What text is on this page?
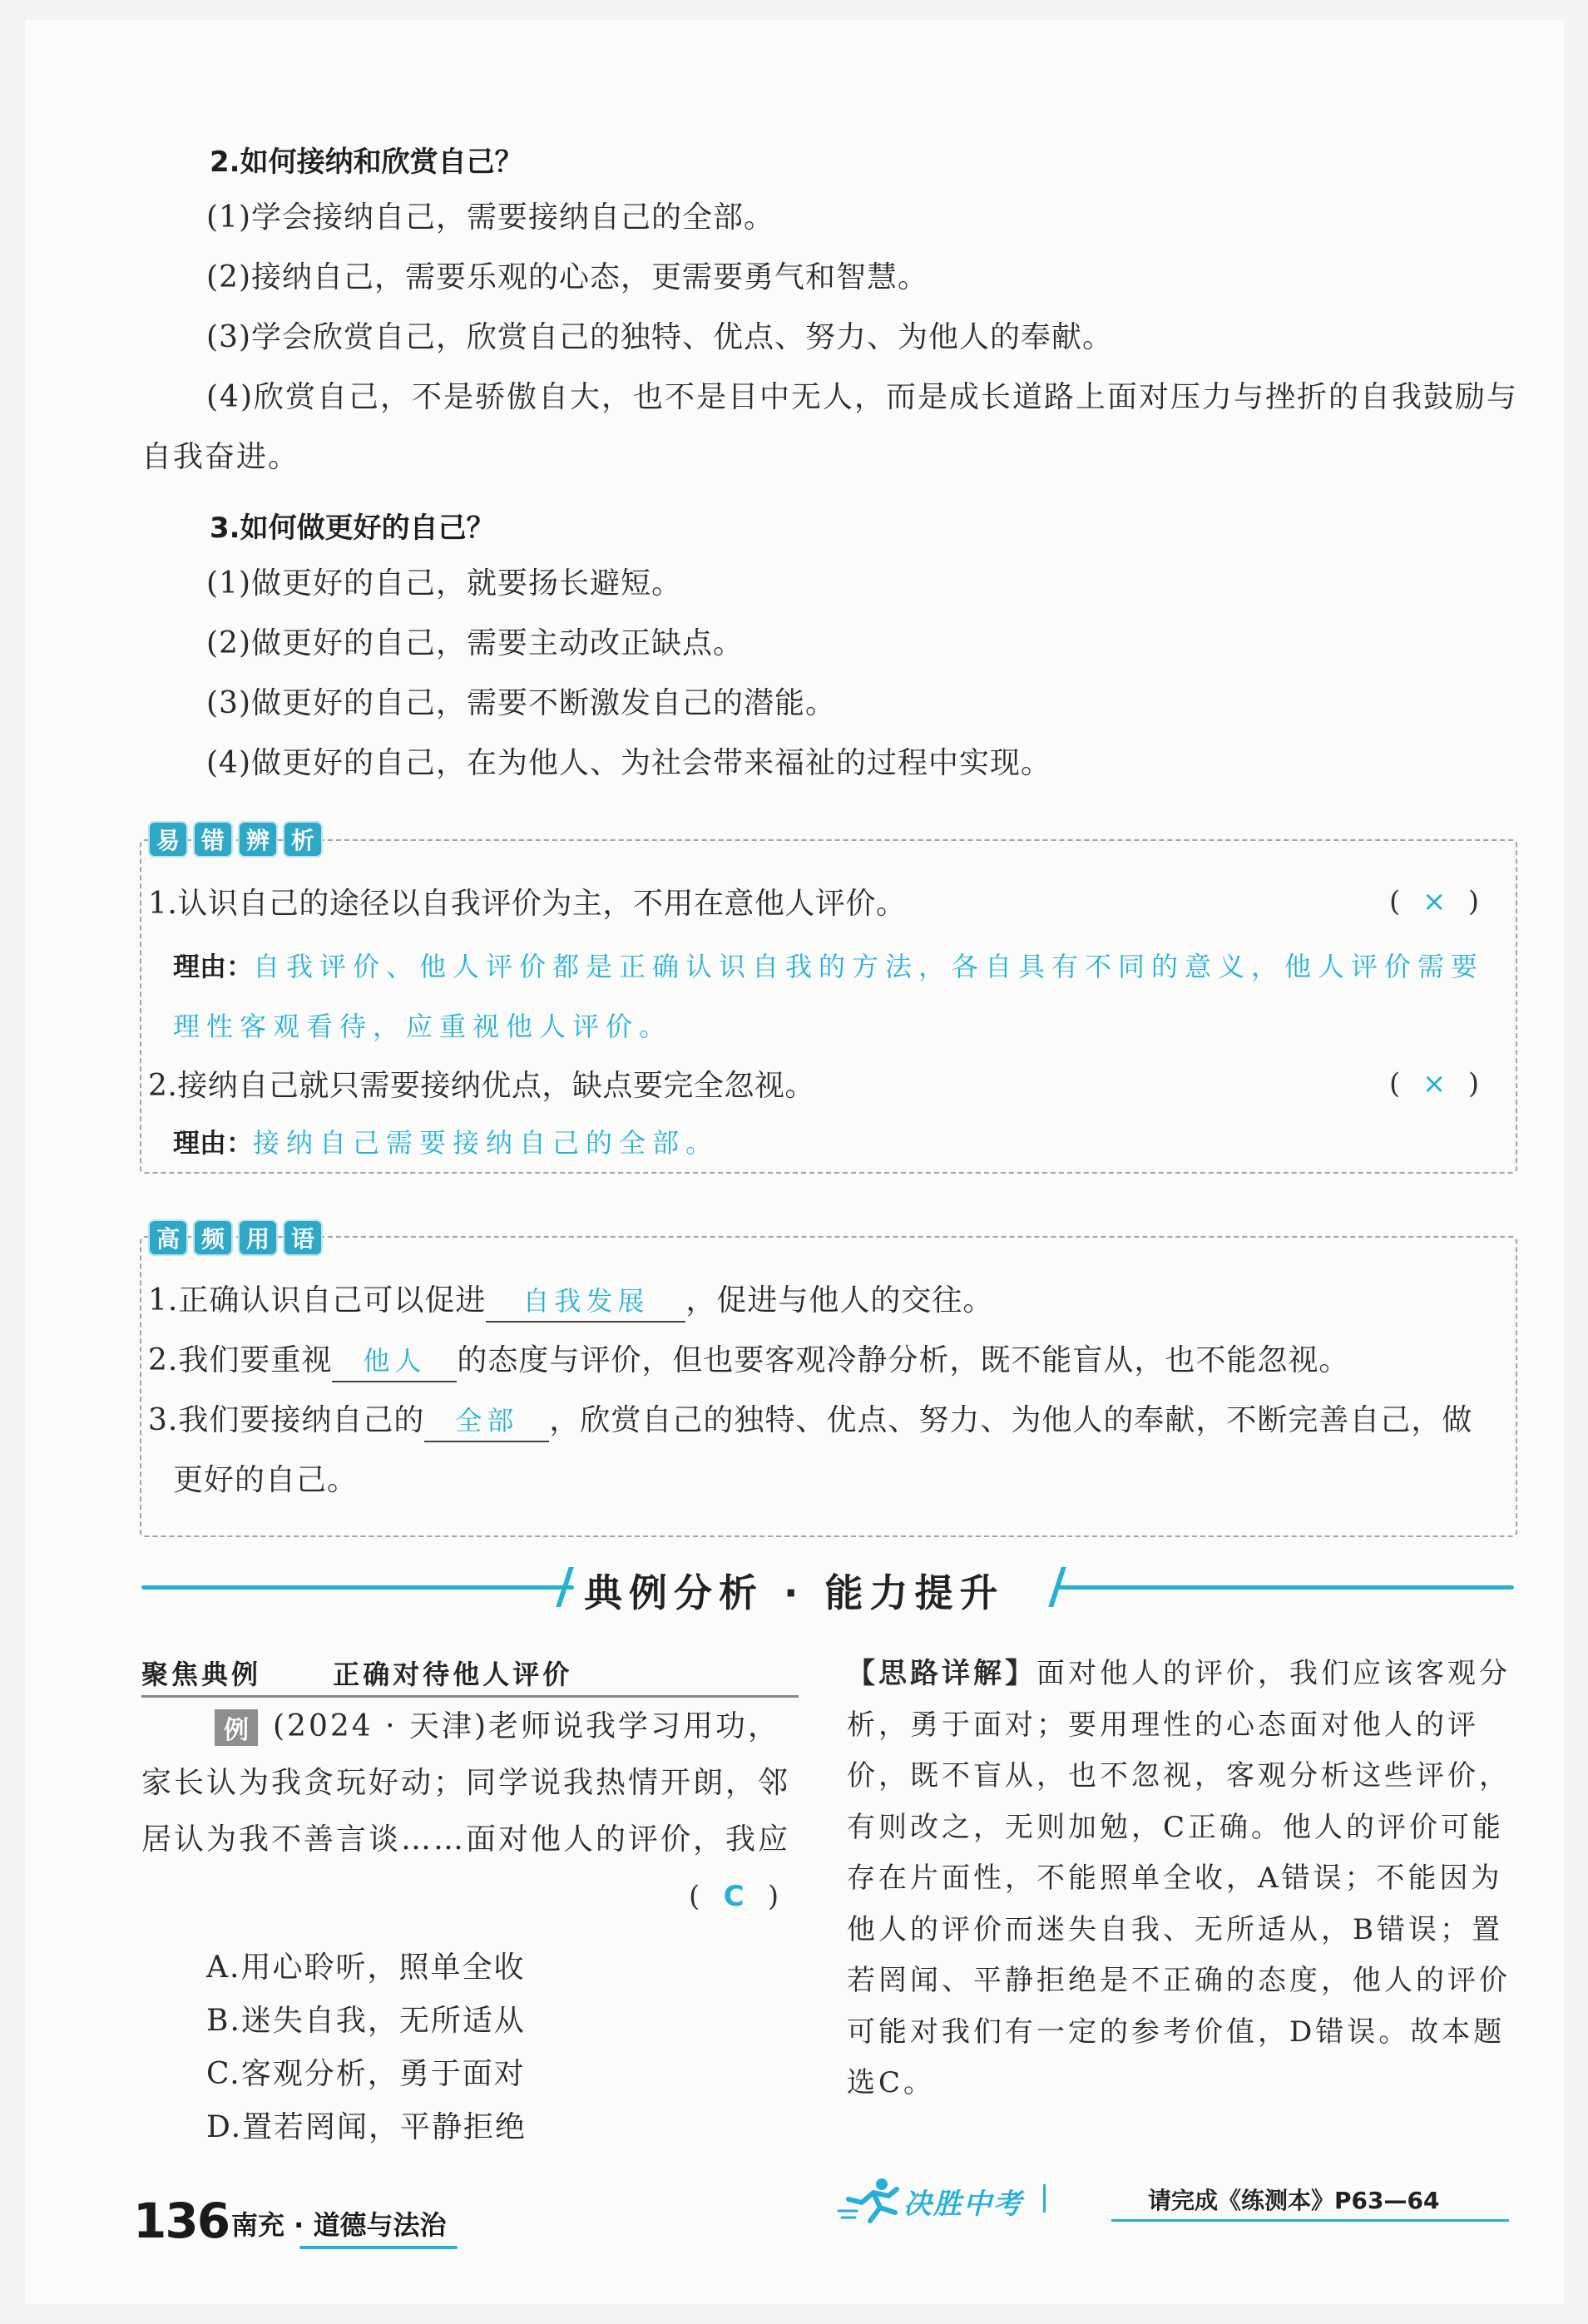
2.如何接纳和欣赏自己？
(1)学会接纳自己，需要接纳自己的全部。
(2)接纳自己，需要乐观的心态，更需要勇气和智慧。
(3)学会欣赏自己，欣赏自己的独特、优点、努力、为他人的奉献。
(4)欣赏自己，不是骄傲自大，也不是目中无人，而是成长道路上面对压力与挫折的自我鼓励与自我奋进。
3.如何做更好的自己？
(1)做更好的自己，就要扬长避短。
(2)做更好的自己，需要主动改正缺点。
(3)做更好的自己，需要不断激发自己的潜能。
(4)做更好的自己，在为他人、为社会带来福祉的过程中实现。
易 错 辨 析
1.认识自己的途径以自我评价为主，不用在意他人评价。	( × )
理由：自我评价、他人评价都是正确认识自我的方法，各自具有不同的意义，他人评价需要理性客观看待，应重视他人评价。
2.接纳自己就只需要接纳优点，缺点要完全忽视。	( × )
理由：接纳自己需要接纳自己的全部。
高 频 用 语
1.正确认识自己可以促进 自我发展 ，促进与他人的交往。
2.我们要重视 他人 的态度与评价，但也要客观冷静分析，既不能盲从，也不能忽视。
3.我们要接纳自己的 全部 ，欣赏自己的独特、优点、努力、为他人的奉献，不断完善自己，做
更好的自己。
典例分析 · 能力提升
聚焦典例	正确对待他人评价
例 (2024 · 天津)老师说我学习用功，家长认为我贪玩好动；同学说我热情开朗，邻居认为我不善言谈……面对他人的评价，我应
( C )
A.用心聆听，照单全收
B.迷失自我，无所适从
C.客观分析，勇于面对
D.置若罔闻，平静拒绝
【思路详解】面对他人的评价，我们应该客观分析，勇于面对；要用理性的心态面对他人的评价，既不盲从，也不忽视，客观分析这些评价，有则改之，无则加勉，C正确。他人的评价可能存在片面性，不能照单全收，A错误；不能因为他人的评价而迷失自我、无所适从，B错误；置若罔闻、平静拒绝是不正确的态度，他人的评价可能对我们有一定的参考价值，D错误。故本题选C。
决胜中考	请完成《练测本》P63—64
136 南充 · 道德与法治
